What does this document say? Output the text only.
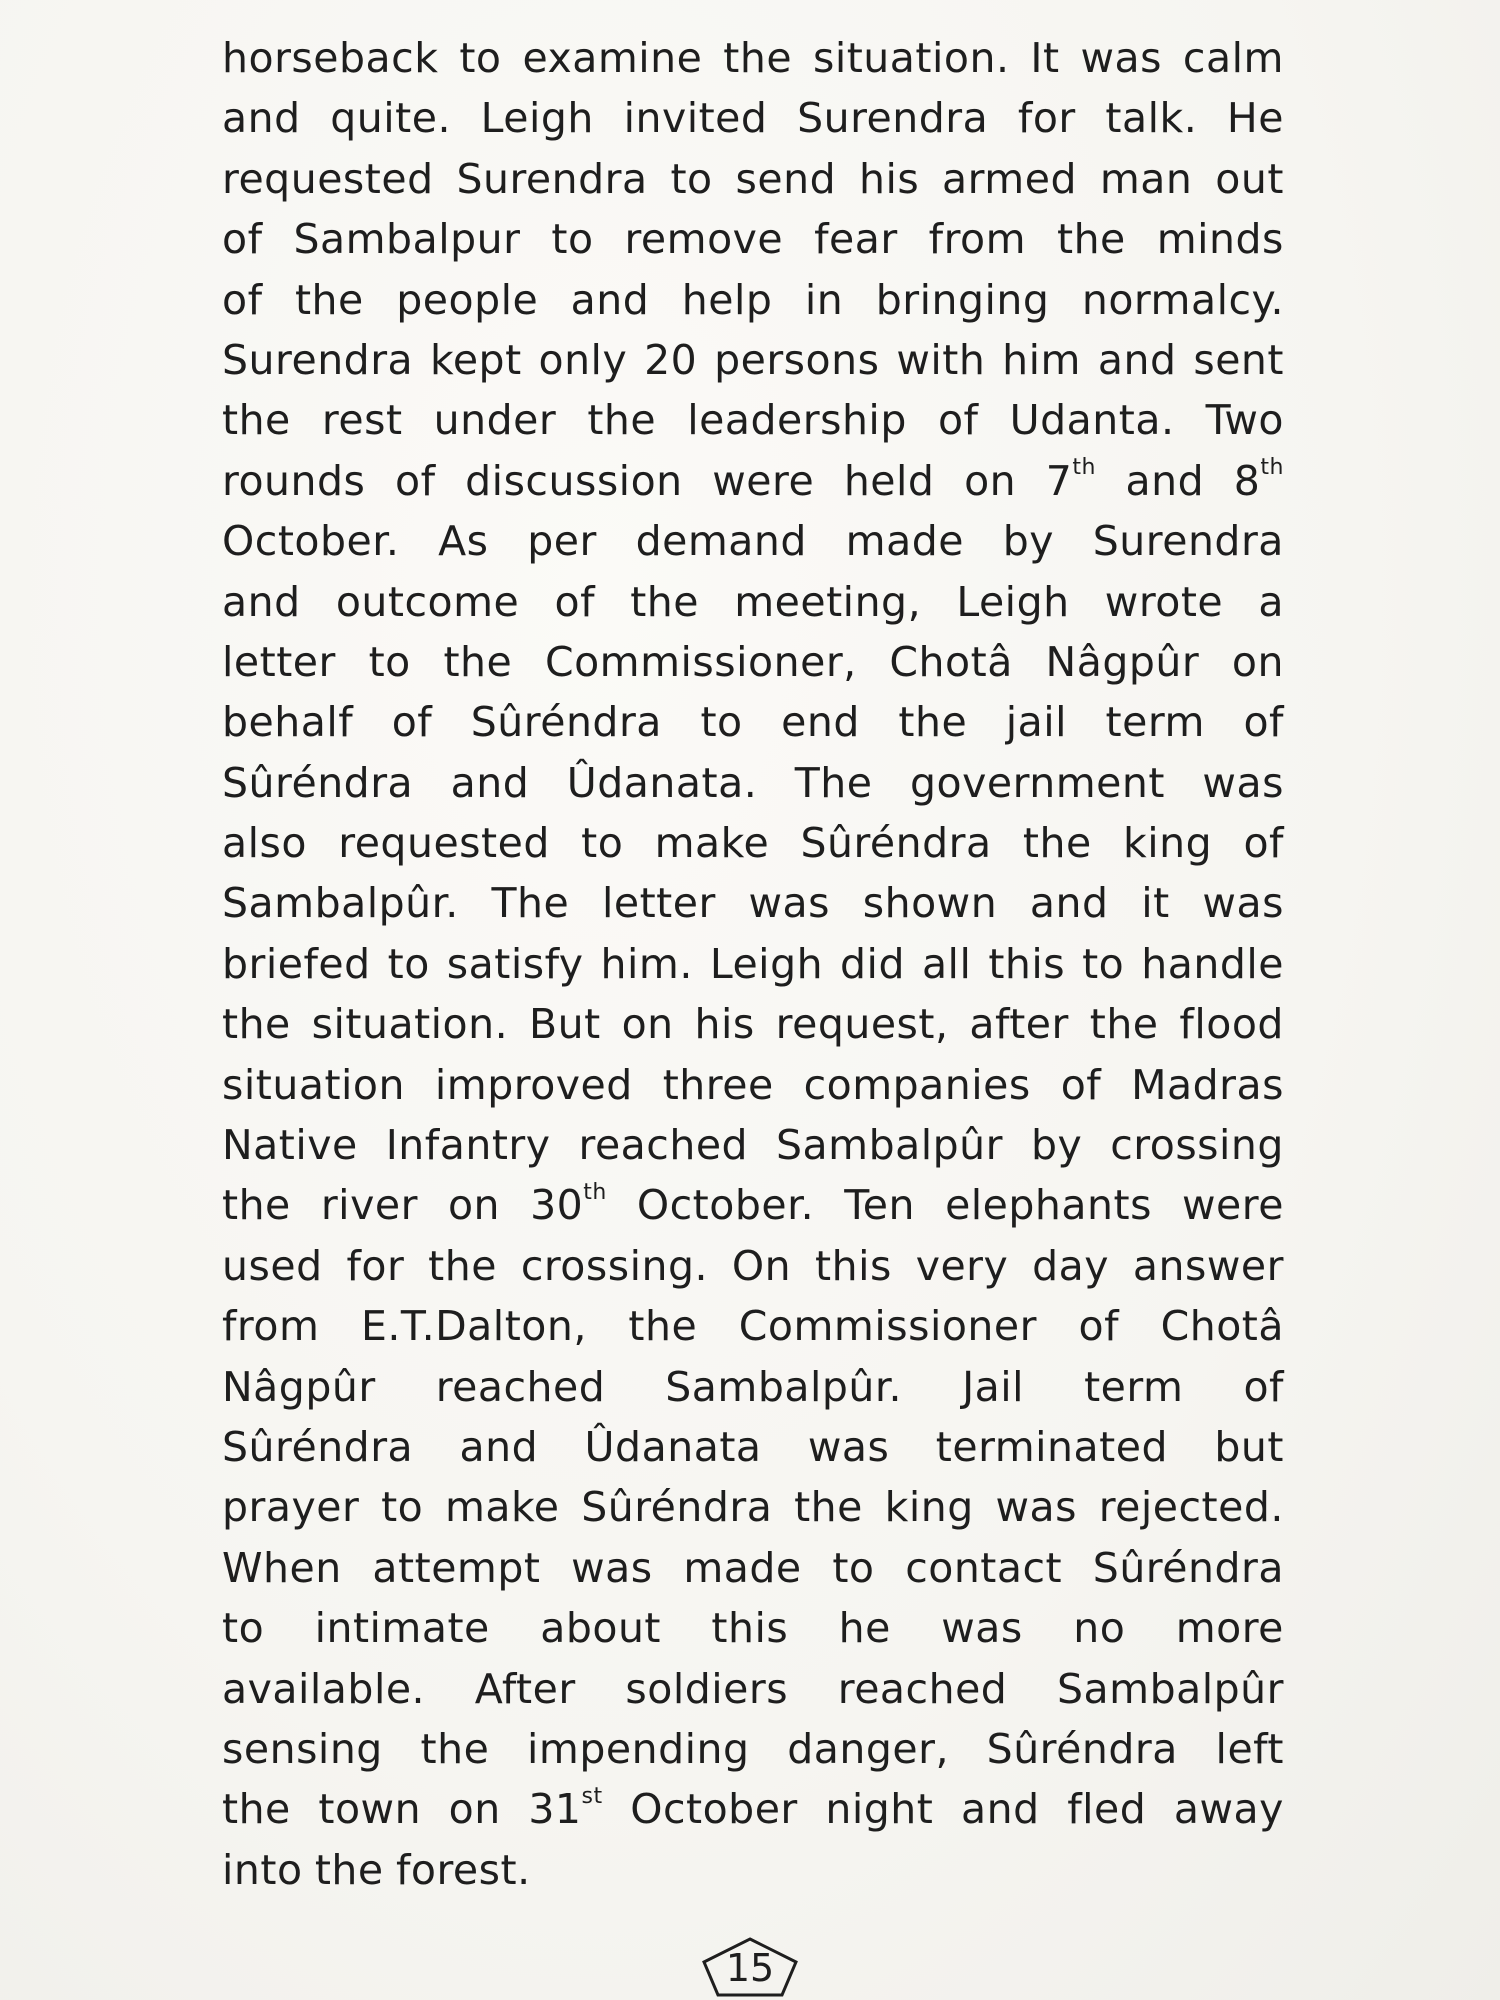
horseback to examine the situation. It was calm
and quite. Leigh invited Surendra for talk. He
requested Surendra to send his armed man out
of Sambalpur to remove fear from the minds
of the people and help in bringing normalcy.
Surendra kept only 20 persons with him and sent
the rest under the leadership of Udanta. Two
rounds of discussion were held on 7th and 8th
October. As per demand made by Surendra
and outcome of the meeting, Leigh wrote a
letter to the Commissioner, Chotâ Nâgpûr on
behalf of Sûréndra to end the jail term of
Sûréndra and Ûdanata. The government was
also requested to make Sûréndra the king of
Sambalpûr. The letter was shown and it was
briefed to satisfy him. Leigh did all this to handle
the situation. But on his request, after the flood
situation improved three companies of Madras
Native Infantry reached Sambalpûr by crossing
the river on 30th October. Ten elephants were
used for the crossing. On this very day answer
from E.T.Dalton, the Commissioner of Chotâ
Nâgpûr reached Sambalpûr. Jail term of
Sûréndra and Ûdanata was terminated but
prayer to make Sûréndra the king was rejected.
When attempt was made to contact Sûréndra
to intimate about this he was no more
available. After soldiers reached Sambalpûr
sensing the impending danger, Sûréndra left
the town on 31st October night and fled away
into the forest.
15
